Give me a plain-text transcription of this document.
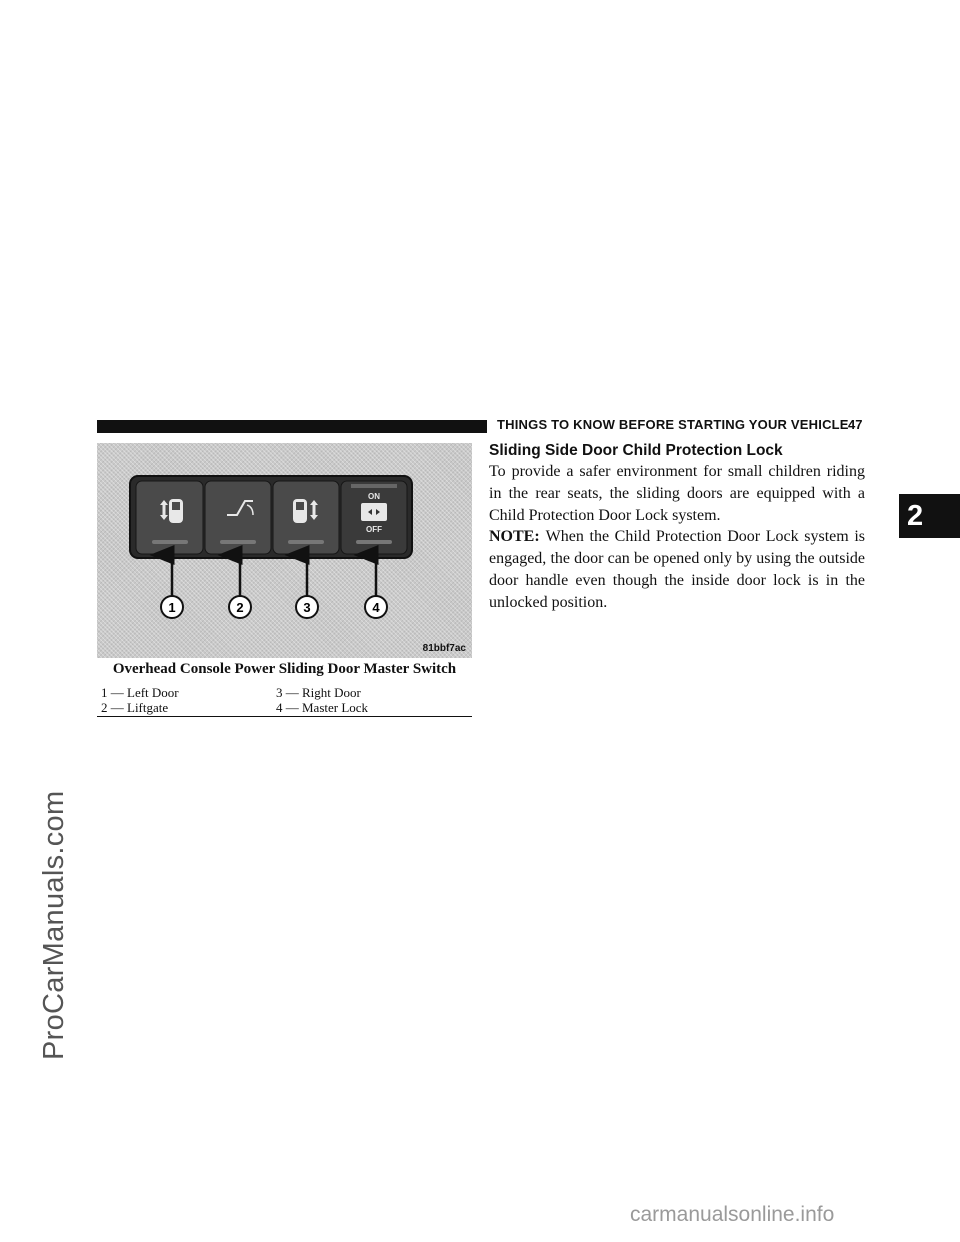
ProCarManuals.com
carmanualsonline.info
THINGS TO KNOW BEFORE STARTING YOUR VEHICLE 47
2
ON
OFF
1	2	3	4
81bbf7ac
Overhead Console Power Sliding Door Master Switch
1 — Left Door	3 — Right Door
2 — Liftgate	4 — Master Lock
Sliding Side Door Child Protection Lock

To provide a safer environment for small children riding in the rear seats, the sliding doors are equipped with a Child Protection Door Lock system.

NOTE: When the Child Protection Door Lock system is engaged, the door can be opened only by using the outside door handle even though the inside door lock is in the unlocked position.
